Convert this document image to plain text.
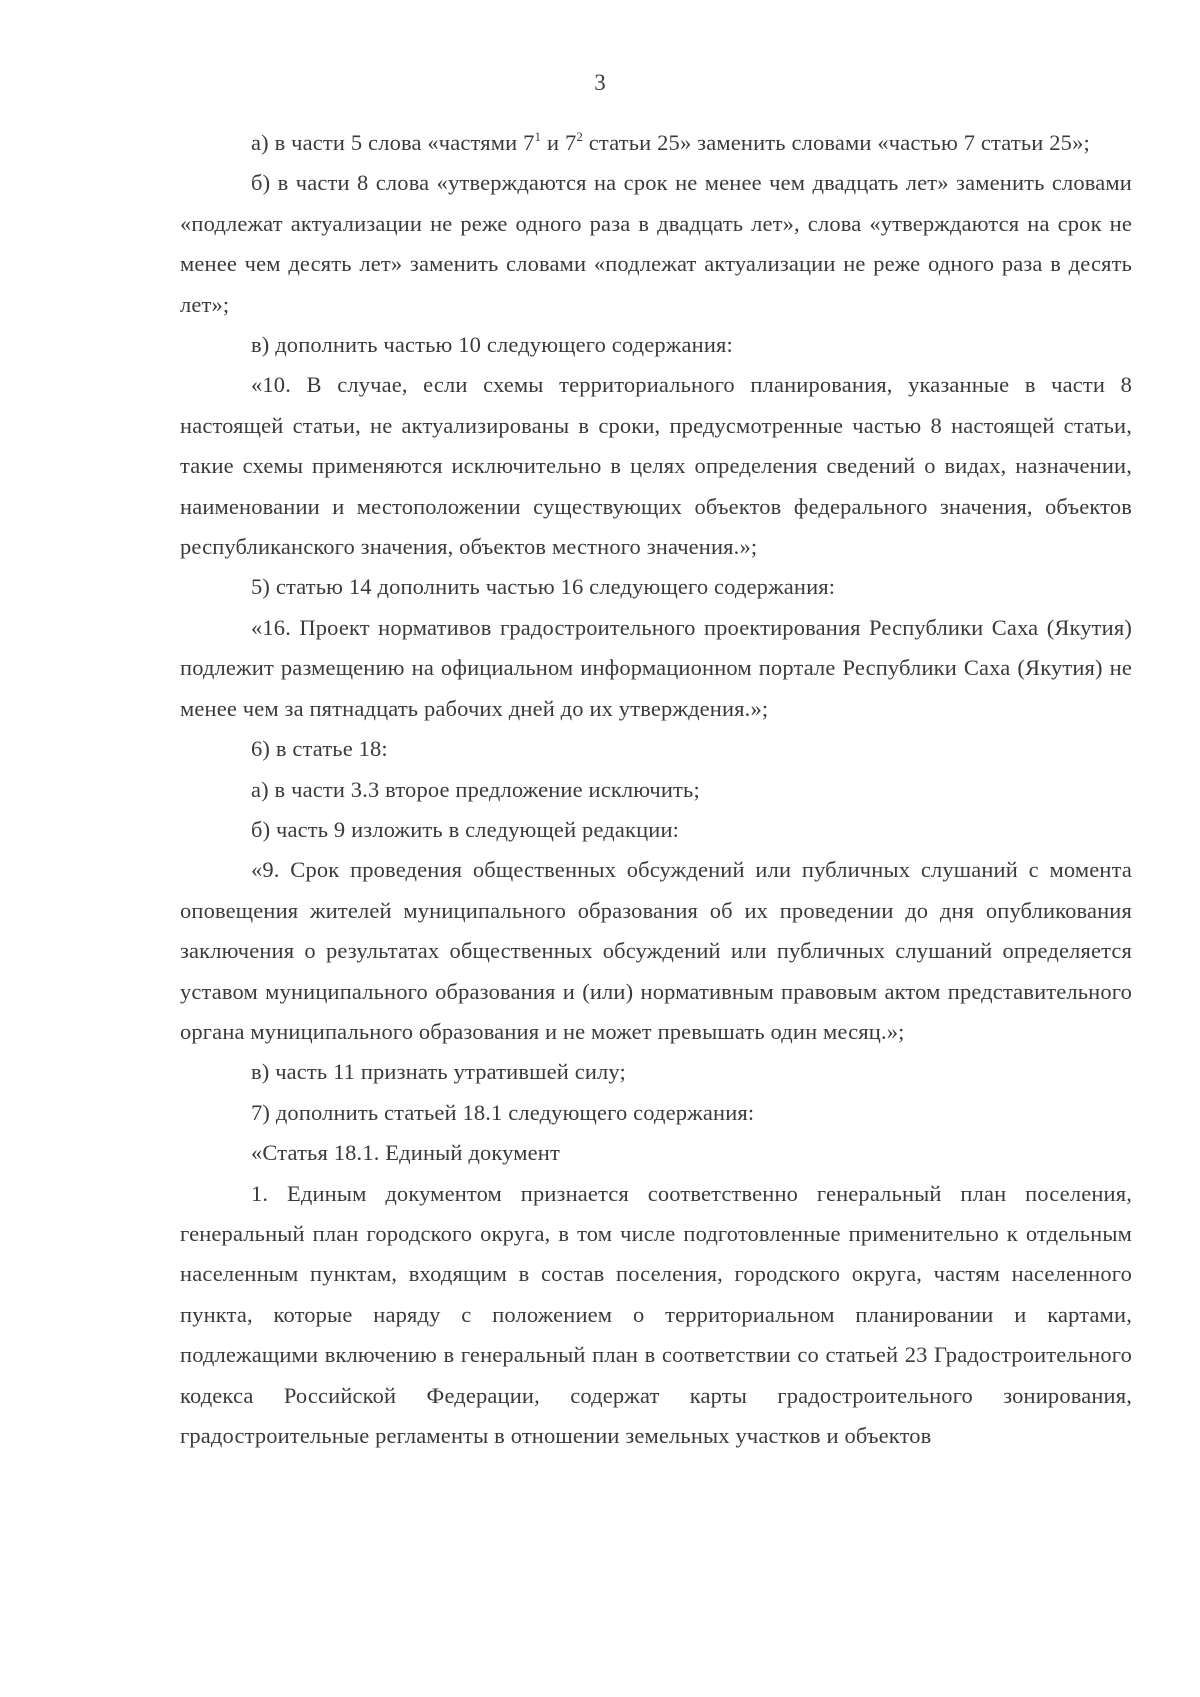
3

а) в части 5 слова «частями $7^1$ и $7^2$ статьи 25» заменить словами «частью 7 статьи 25»;

б) в части 8 слова «утверждаются на срок не менее чем двадцать лет» заменить словами «подлежат актуализации не реже одного раза в двадцать лет», слова «утверждаются на срок не менее чем десять лет» заменить словами «подлежат актуализации не реже одного раза в десять лет»;

в) дополнить частью 10 следующего содержания:

«10. В случае, если схемы территориального планирования, указанные в части 8 настоящей статьи, не актуализированы в сроки, предусмотренные частью 8 настоящей статьи, такие схемы применяются исключительно в целях определения сведений о видах, назначении, наименовании и местоположении существующих объектов федерального значения, объектов республиканского значения, объектов местного значения.»;

5) статью 14 дополнить частью 16 следующего содержания:

«16. Проект нормативов градостроительного проектирования Республики Саха (Якутия) подлежит размещению на официальном информационном портале Республики Саха (Якутия) не менее чем за пятнадцать рабочих дней до их утверждения.»;

6) в статье 18:

а) в части 3.3 второе предложение исключить;

б) часть 9 изложить в следующей редакции:

«9. Срок проведения общественных обсуждений или публичных слушаний с момента оповещения жителей муниципального образования об их проведении до дня опубликования заключения о результатах общественных обсуждений или публичных слушаний определяется уставом муниципального образования и (или) нормативным правовым актом представительного органа муниципального образования и не может превышать один месяц.»;

в) часть 11 признать утратившей силу;

7) дополнить статьей 18.1 следующего содержания:

«Статья 18.1. Единый документ

1. Единым документом признается соответственно генеральный план поселения, генеральный план городского округа, в том числе подготовленные применительно к отдельным населенным пунктам, входящим в состав поселения, городского округа, частям населенного пункта, которые наряду с положением о территориальном планировании и картами, подлежащими включению в генеральный план в соответствии со статьей 23 Градостроительного кодекса Российской Федерации, содержат карты градостроительного зонирования, градостроительные регламенты в отношении земельных участков и объектов
